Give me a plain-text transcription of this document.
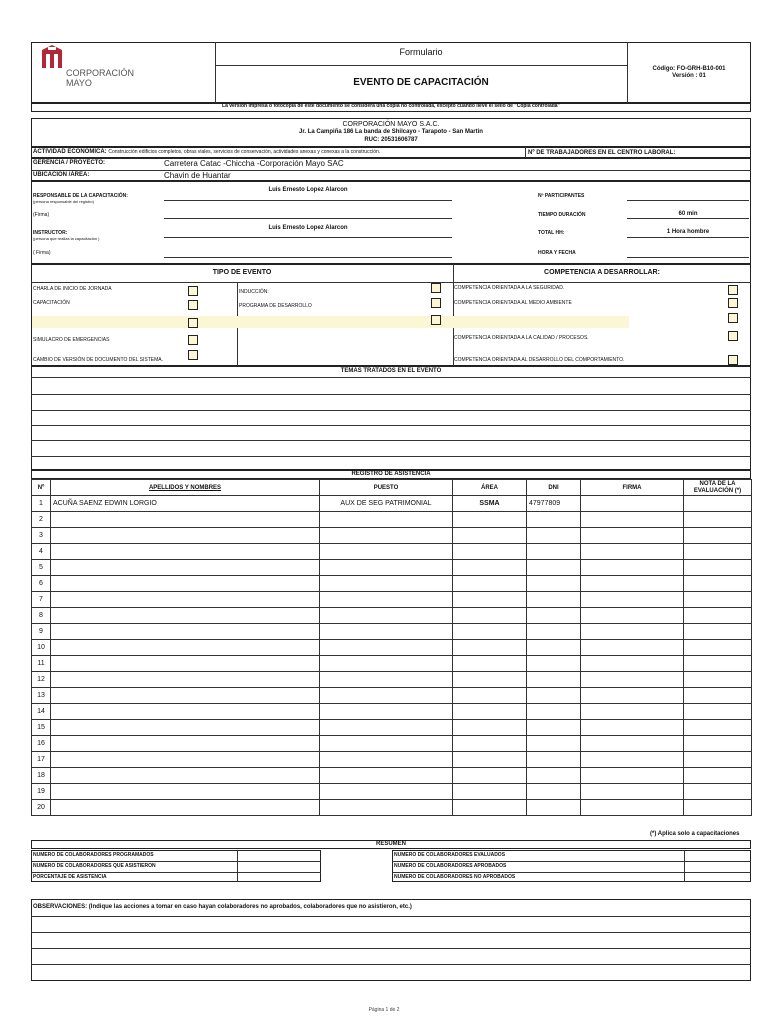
CORPORACIÓN
MAYO
Formulario
EVENTO DE CAPACITACIÓN
Código: FO-GRH-B10-001
Versión : 01
La versión impresa o fotocopia de este documento se considera una copia no controlada, excepto cuando lleve el sello de "Copia controlada"
CORPORACIÓN MAYO S.A.C.
Jr. La Campiña 186 La banda de Shilcayo - Tarapoto - San Martin
RUC: 20531606787
ACTIVIDAD ECONÓMICA: Construcción edificios completos, obras viales, servicios de conservación, actividades anexas y conexas a la construcción.	Nº DE TRABAJADORES EN EL CENTRO LABORAL:
GERENCIA / PROYECTO:	Carretera Catac -Chiccha -Corporación Mayo SAC
UBICACIÓN /ÁREA:	Chavin de Huantar
RESPONSABLE DE LA CAPACITACIÓN:
(persona responsable del registro)
Luis Ernesto Lopez Alarcon
(Firma)
INSTRUCTOR:
(persona que realiza la capacitación )
Luis Ernesto Lopez Alarcon
( Firma)
Nº PARTICIPANTES
TIEMPO DURACIÓN	60 min
TOTAL HH:	1 Hora hombre
HORA Y FECHA
TIPO DE EVENTO	COMPETENCIA A DESARROLLAR:
CHARLA DE INICIO DE JORNADA
CAPACITACIÓN
SIMULACRO DE EMERGENCIAS
CAMBIO DE VERSIÓN DE DOCUMENTO DEL SISTEMA.
INDUCCIÓN:
PROGRAMA DE DESARROLLO
COMPETENCIA ORIENTADA A LA SEGURIDAD.
COMPETENCIA ORIENTADA AL MEDIO AMBIENTE
COMPETENCIA ORIENTADA A LA CALIDAD / PROCESOS.
COMPETENCIA ORIENTADA AL DESARROLLO DEL COMPORTAMIENTO.
TEMAS TRATADOS EN EL EVENTO
REGISTRO DE ASISTENCIA
Nº	APELLIDOS Y NOMBRES	PUESTO	ÁREA	DNI	FIRMA	NOTA DE LA EVALUACIÓN (*)
1	ACUÑA SAENZ EDWIN LORGIO	AUX DE SEG PATRIMONIAL	SSMA	47977809		
2						
3						
4						
5						
6						
7						
8						
9						
10						
11						
12						
13						
14						
15						
16						
17						
18						
19						
20						
(*) Aplica solo a capacitaciones
RESUMEN
NUMERO DE COLABORADORES PROGRAMADOS
NUMERO DE COLABORADORES QUE ASISTIERON
PORCENTAJE DE ASISTENCIA
NUMERO DE COLABORADORES EVALUADOS
NUMERO DE COLABORADORES APROBADOS
NUMERO DE COLABORADORES NO APROBADOS
OBSERVACIONES: (Indique las acciones a tomar en caso hayan colaboradores no aprobados, colaboradores que no asistieron, etc.)
Página 1 de 2
